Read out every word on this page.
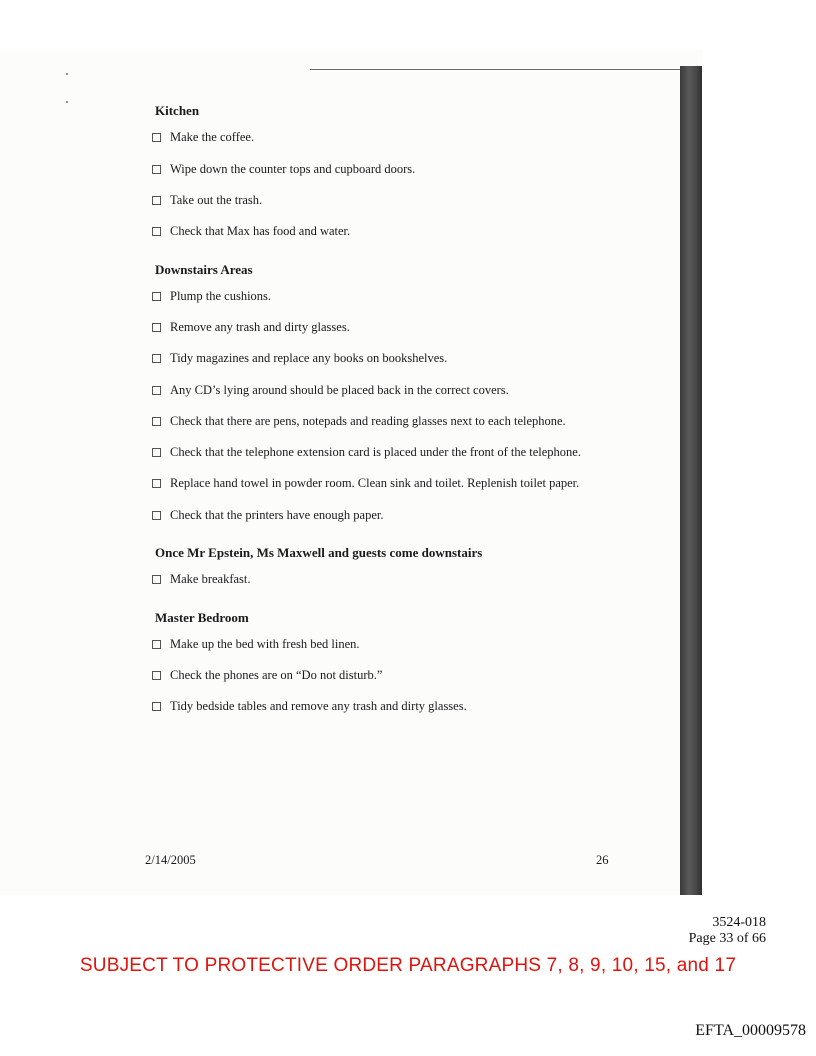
Kitchen
Make the coffee.
Wipe down the counter tops and cupboard doors.
Take out the trash.
Check that Max has food and water.
Downstairs Areas
Plump the cushions.
Remove any trash and dirty glasses.
Tidy magazines and replace any books on bookshelves.
Any CD’s lying around should be placed back in the correct covers.
Check that there are pens, notepads and reading glasses next to each telephone.
Check that the telephone extension card is placed under the front of the telephone.
Replace hand towel in powder room. Clean sink and toilet. Replenish toilet paper.
Check that the printers have enough paper.
Once Mr Epstein, Ms Maxwell and guests come downstairs
Make breakfast.
Master Bedroom
Make up the bed with fresh bed linen.
Check the phones are on “Do not disturb.”
Tidy bedside tables and remove any trash and dirty glasses.
2/14/2005	26
3524-018
Page 33 of 66
SUBJECT TO PROTECTIVE ORDER PARAGRAPHS 7, 8, 9, 10, 15, and 17
EFTA_00009578
